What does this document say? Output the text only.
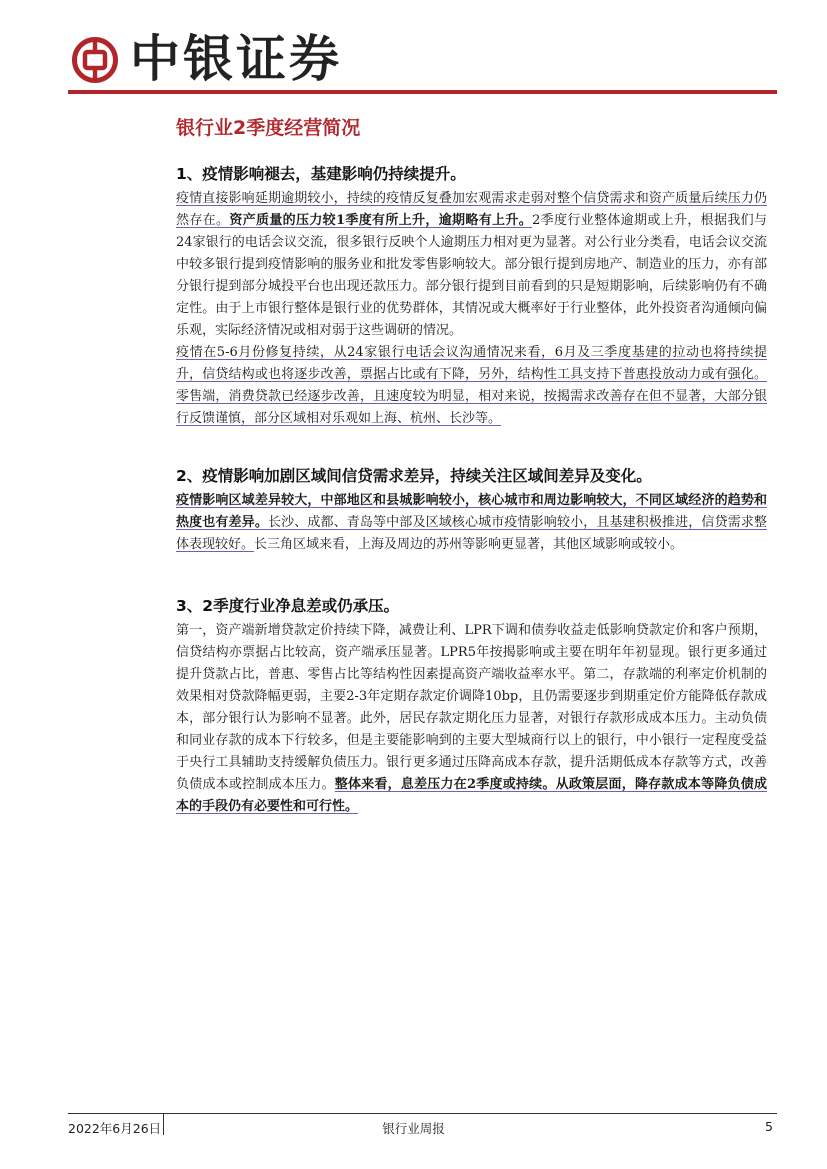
中银证券
银行业2季度经营简况
1、疫情影响褪去，基建影响仍持续提升。

疫情直接影响延期逾期较小，持续的疫情反复叠加宏观需求走弱对整个信贷需求和资产质量后续压力仍然存在。资产质量的压力较1季度有所上升，逾期略有上升。2季度行业整体逾期或上升，根据我们与24家银行的电话会议交流，很多银行反映个人逾期压力相对更为显著。对公行业分类看，电话会议交流中较多银行提到疫情影响的服务业和批发零售影响较大。部分银行提到房地产、制造业的压力，亦有部分银行提到部分城投平台也出现还款压力。部分银行提到目前看到的只是短期影响，后续影响仍有不确定性。由于上市银行整体是银行业的优势群体，其情况或大概率好于行业整体，此外投资者沟通倾向偏乐观，实际经济情况或相对弱于这些调研的情况。

疫情在5-6月份修复持续，从24家银行电话会议沟通情况来看，6月及三季度基建的拉动也将持续提升，信贷结构或也将逐步改善，票据占比或有下降，另外，结构性工具支持下普惠投放动力或有强化。零售端，消费贷款已经逐步改善，且速度较为明显，相对来说，按揭需求改善存在但不显著，大部分银行反馈谨慎，部分区域相对乐观如上海、杭州、长沙等。

2、疫情影响加剧区域间信贷需求差异，持续关注区域间差异及变化。

疫情影响区域差异较大，中部地区和县城影响较小，核心城市和周边影响较大，不同区域经济的趋势和热度也有差异。长沙、成都、青岛等中部及区域核心城市疫情影响较小，且基建积极推进，信贷需求整体表现较好。长三角区域来看，上海及周边的苏州等影响更显著，其他区域影响或较小。

3、2季度行业净息差或仍承压。

第一，资产端新增贷款定价持续下降，减费让利、LPR下调和债券收益走低影响贷款定价和客户预期，信贷结构亦票据占比较高，资产端承压显著。LPR5年按揭影响或主要在明年年初显现。银行更多通过提升贷款占比，普惠、零售占比等结构性因素提高资产端收益率水平。第二，存款端的利率定价机制的效果相对贷款降幅更弱，主要2-3年定期存款定价调降10bp，且仍需要逐步到期重定价方能降低存款成本，部分银行认为影响不显著。此外，居民存款定期化压力显著，对银行存款形成成本压力。主动负债和同业存款的成本下行较多，但是主要能影响到的主要大型城商行以上的银行，中小银行一定程度受益于央行工具辅助支持缓解负债压力。银行更多通过压降高成本存款，提升活期低成本存款等方式，改善负债成本或控制成本压力。整体来看，息差压力在2季度或持续。从政策层面，降存款成本等降负债成本的手段仍有必要性和可行性。

2022年6月26日	银行业周报	5
